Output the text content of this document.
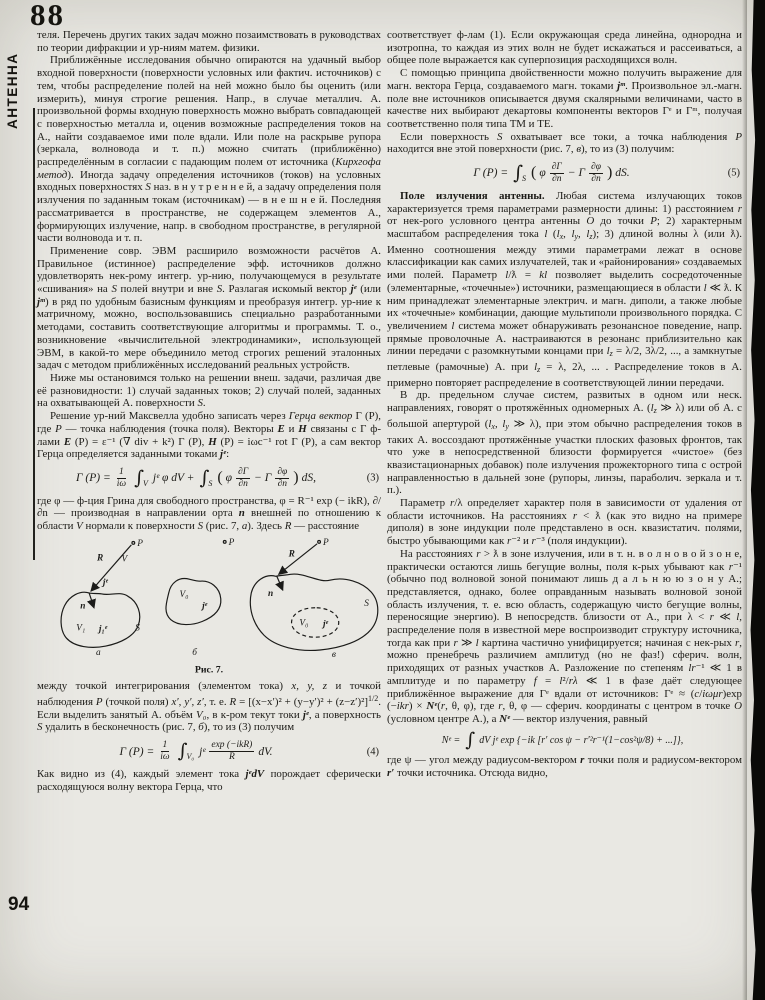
88
АНТЕННА

теля. Перечень других таких задач можно позаимствовать в руководствах по теории дифракции и ур-ниям матем. физики.

Приближённые исследования обычно опираются на удачный выбор входной поверхности (поверхности условных или фактич. источников) с тем, чтобы распределение полей на ней можно было бы оценить (или измерить), минуя строгие решения. Напр., в случае металлич. А. произвольной формы входную поверхность можно выбрать совпадающей с поверхностью металла и, оценив возможные распределения токов на А., найти создаваемое ими поле вдали. Или поле на раскрыве рупора (зеркала, волновода и т. п.) можно считать (приближённо) распределённым в согласии с падающим полем от источника (Кирхгофа метод). Иногда задачу определения источников (токов) на условных входных поверхностях S наз. в н у т р е н н е й, а задачу определения поля излучения по заданным токам (источникам) — в н е ш н е й. Последняя рассматривается в пространстве, не содержащем элементов А., формирующих излучение, напр. в свободном пространстве, в регулярной части волновода и т. п.

Применение совр. ЭВМ расширило возможности расчётов А. Правильное (истинное) распределение эфф. источников должно удовлетворять нек-рому интегр. ур-нию, получающемуся в результате «сшивания» на S полей внутри и вне S. Разлагая искомый вектор jᵉ (или jᵐ) в ряд по удобным базисным функциям и преобразуя интегр. ур-ние к матричному, можно, воспользовавшись специально разработанными методами, составить соответствующие алгоритмы и программы. Т. о., возникновение «вычислительной электродинамики», использующей ЭВМ, в какой-то мере объединило метод строгих решений эталонных задач с методом приближённых исследований реальных устройств.

Ниже мы остановимся только на решении внеш. задачи, различая две её разновидности: 1) случай заданных токов; 2) случай полей, заданных на охватывающей А. поверхности S.

Решение ур-ний Максвелла удобно записать через Герца вектор Γ (P), где P — точка наблюдения (точка поля). Векторы E и H связаны с Γ ф-лами E (P) = ε⁻¹ (∇ div + k²) Γ (P), H (P) = iωc⁻¹ rot Γ (P), а сам вектор Герца определяется заданными токами jᵉ:

Γ $(P) = \frac{1}{i\omega}$ ∫ V jᵉ φ dV + ∫ S ( φ $\frac{\partial\Gamma}{\partial n} - \Gamma \frac{\partial\varphi}{\partial n}$ ) dS,	(3)

где φ — ф-ция Грина для свободного пространства, φ = R⁻¹ exp (− ikR), ∂/∂n — производная в направлении орта n внешней по отношению к области V нормали к поверхности S (рис. 7, а). Здесь R — расстояние

P
R V
jᵉ
n
V₁ j₁ᵉ	S
а
P
V₀
jᵉ
б
P
R
n
S
V₀ jᵉ
в
Рис. 7.

между точкой интегрирования (элементом тока) x, y, z и точкой наблюдения P (точкой поля) x′, y′, z′, т. е. $R = [(x-x')^2 + (y-y')^2 + (z-z')^2]^{1/2}$. Если выделить занятый А. объём V₀, в к-ром текут токи jᵉ, а поверхность S удалить в бесконечность (рис. 7, б), то из (3) получим

Γ $(P) = \frac{1}{i\omega}$ ∫ V₀ jᵉ $\frac{\text{exp (−ikR)}}{R}$ dV.	(4)

Как видно из (4), каждый элемент тока jᵉdV порождает сферически расходящуюся волну вектора Герца, что

соответствует ф-лам (1). Если окружающая среда линейна, однородна и изотропна, то каждая из этих волн не будет искажаться и рассеиваться, а общее поле выражается как суперпозиция расходящихся волн.

С помощью принципа двойственности можно получить выражение для магн. вектора Герца, создаваемого магн. токами jᵐ. Произвольное эл.-магн. поле вне источников описывается двумя скалярными величинами, часто в качестве них выбирают декартовы компоненты векторов Γᵉ и Γᵐ, получая соответственно поля типа ТМ и ТЕ.

Если поверхность S охватывает все токи, а точка наблюдения P находится вне этой поверхности (рис. 7, в), то из (3) получим:

Γ (P) = ∫ S ( φ $\frac{\partial\Gamma}{\partial n} - \Gamma \frac{\partial\varphi}{\partial n}$ ) dS.	(5)

Поле излучения антенны. Любая система излучающих токов характеризуется тремя параметрами размерности длины: 1) расстоянием r от нек-рого условного центра антенны O до точки P; 2) характерным масштабом распределения тока l (lx, ly, lz); 3) длиной волны λ (или ƛ). Именно соотношения между этими параметрами лежат в основе классификации как самих излучателей, так и «районирования» создаваемых ими полей. Параметр l/ƛ = kl позволяет выделить сосредоточенные (элементарные, «точечные») источники, размещающиеся в области l ≪ ƛ. К ним принадлежат элементарные электрич. и магн. диполи, а также любые их «точечные» комбинации, дающие мультиполи произвольного порядка. С увеличением l система может обнаруживать резонансное поведение, напр. прямые проволочные А. настраиваются в резонанс приблизительно как линии передачи с разомкнутыми концами при lz = λ/2, 3λ/2, ..., а замкнутые петлевые (рамочные) А. при lz = λ, 2λ, ... . Распределение токов в А. примерно повторяет распределение в соответствующей линии передачи.

В др. предельном случае систем, развитых в одном или неск. направлениях, говорят о протяжённых одномерных А. (lz ≫ λ) или об А. с большой апертурой (lx, ly ≫ λ), при этом обычно распределения токов в таких А. воссоздают протяжённые участки плоских фазовых фронтов, так что уже в непосредственной близости формируется «чистое» (без квазистационарных добавок) поле излучения прожекторного типа с острой направленностью в дальней зоне (рупоры, линзы, параболич. зеркала и т. п.).

Параметр r/λ определяет характер поля в зависимости от удаления от области источников. На расстояниях r < ƛ (как это видно на примере диполя) в зоне индукции поле представлено в осн. квазистатич. полями, быстро убывающими как r⁻² и r⁻³ (поля индукции).

На расстояниях r > ƛ в зоне излучения, или в т. н. в о л н о в о й з о н е, практически остаются лишь бегущие волны, поля к-рых убывают как r⁻¹ (обычно под волновой зоной понимают лишь д а л ь н ю ю з о н у А.; представляется, однако, более оправданным называть волновой зоной область излучения, т. е. всю область, содержащую чисто бегущие волны, переносящие энергию). В непосредств. близости от А., при λ < r ≪ l, распределение поля в известной мере воспроизводит структуру источника, тогда как при r ≫ l картина частично унифицируется; начиная с нек-рых r, можно пренебречь различием амплитуд (но не фаз!) сферич. волн, приходящих от разных участков А. Разложение по степеням lr⁻¹ ≪ 1 в амплитуде и по параметру f = l²/rλ ≪ 1 в фазе даёт следующее приближённое выражение для Γᵉ вдали от источников: Γᵉ ≈ (c/iωμr)exp (−ikr) × Nᵉ(r, θ, φ), где r, θ, φ — сферич. координаты с центром в точке O (условном центре А.), а Nᵉ — вектор излучения, равный

Nᵉ = ∫ dV jᵉ exp {−ik [r′ cos ψ − r′²r⁻¹(1−cos²ψ/8) + ...]},

где ψ — угол между радиусом-вектором r точки поля и радиусом-вектором r′ точки источника. Отсюда видно,

94
